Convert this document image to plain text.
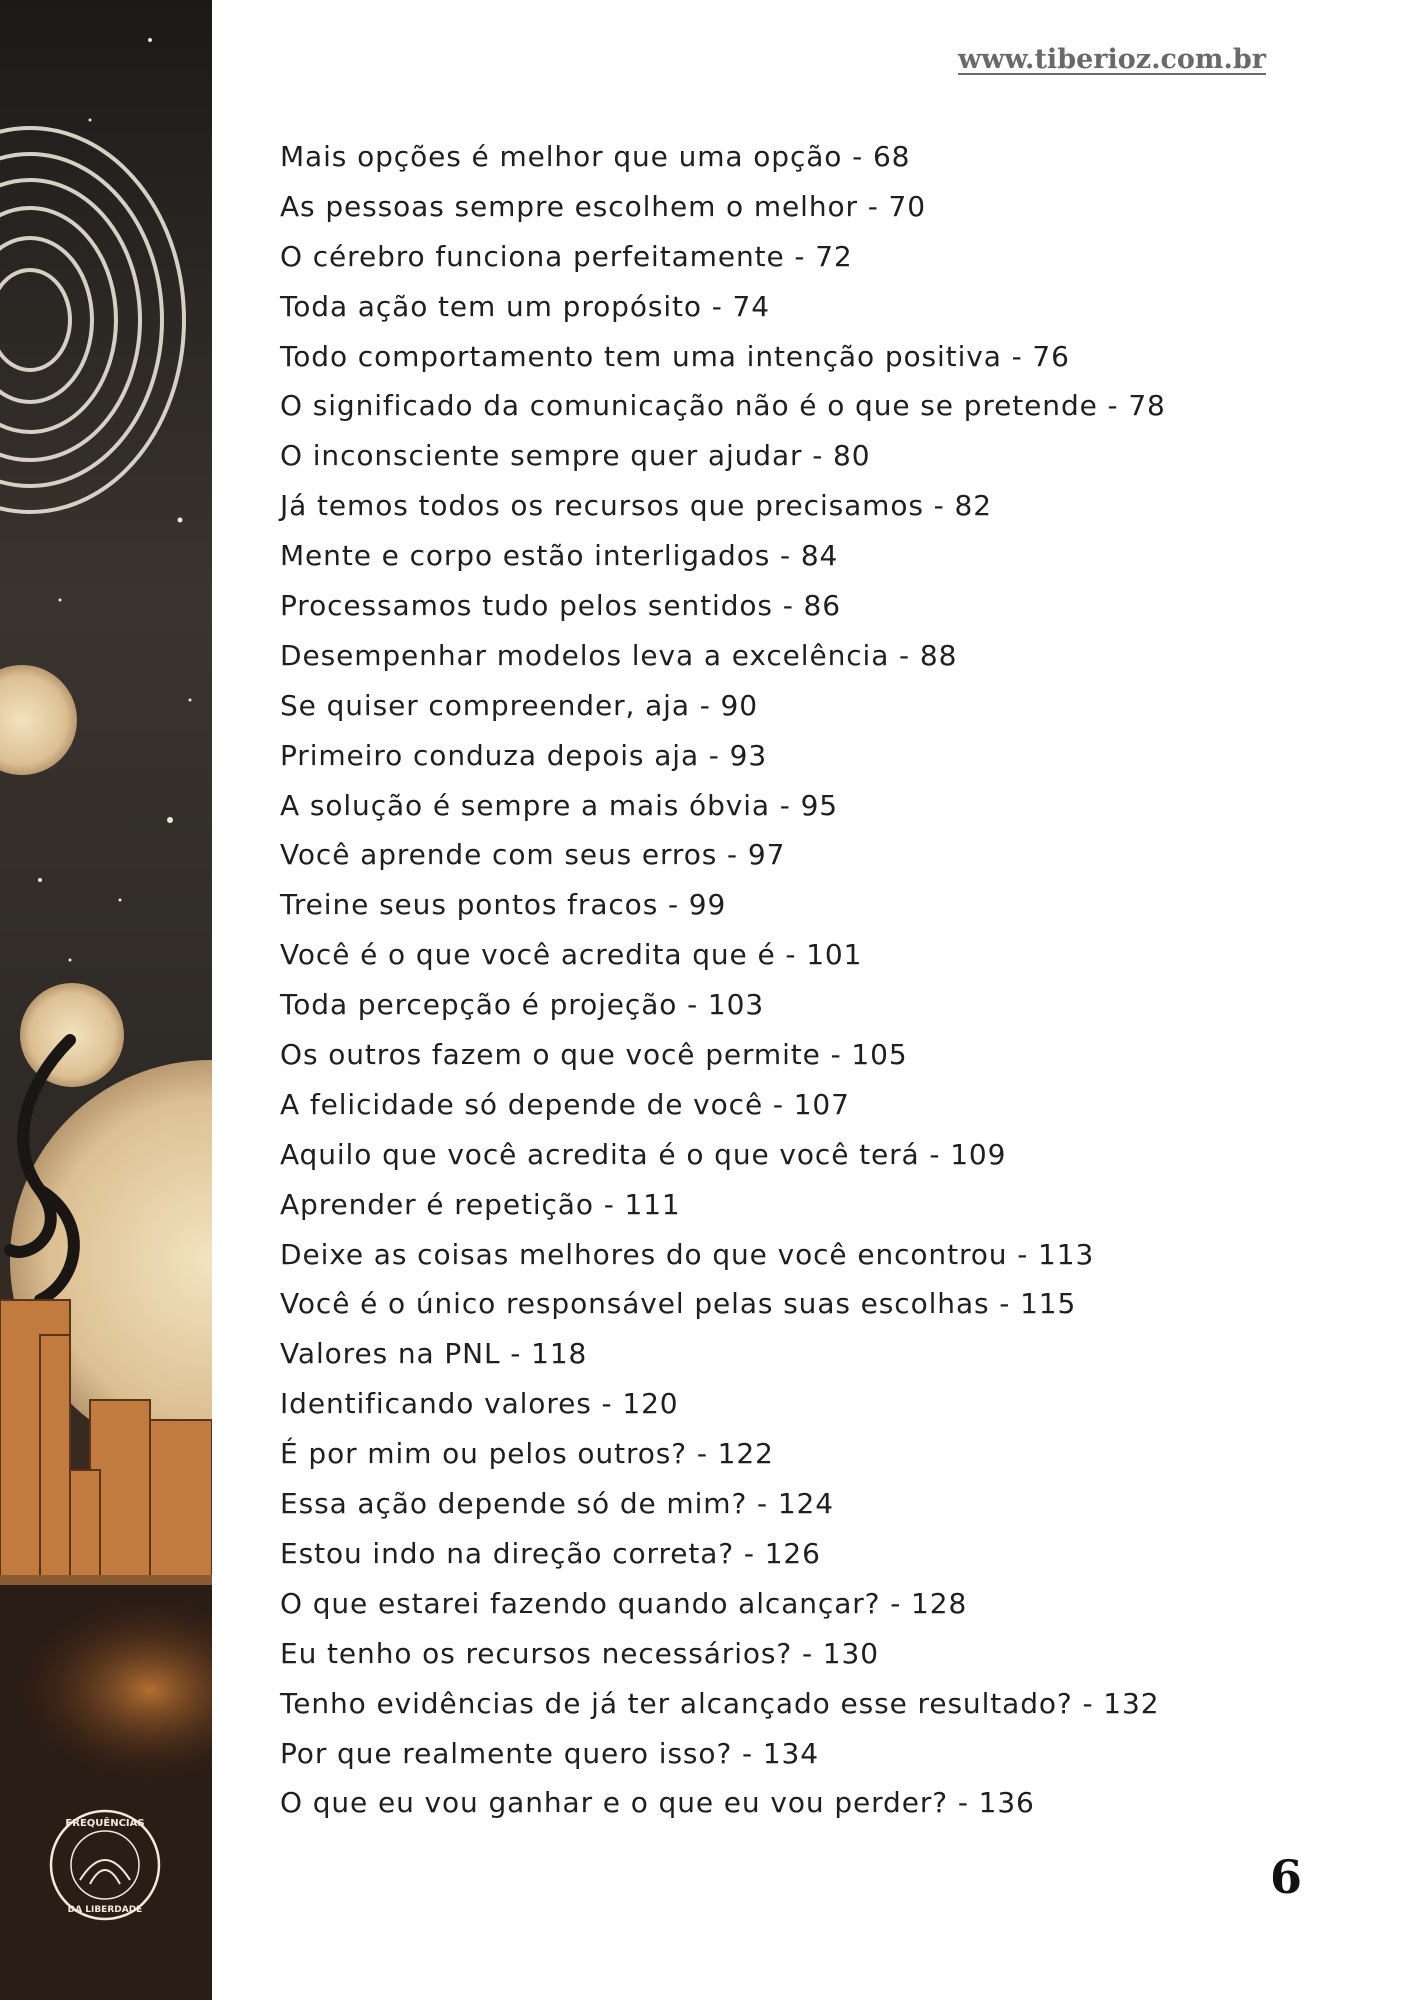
FREQUÊNCIAS
DA LIBERDADE
www.tiberioz.com.br
Mais opções é melhor que uma opção - 68
As pessoas sempre escolhem o melhor - 70
O cérebro funciona perfeitamente - 72
Toda ação tem um propósito - 74
Todo comportamento tem uma intenção positiva - 76
O significado da comunicação não é o que se pretende - 78
O inconsciente sempre quer ajudar - 80
Já temos todos os recursos que precisamos - 82
Mente e corpo estão interligados - 84
Processamos tudo pelos sentidos - 86
Desempenhar modelos leva a excelência - 88
Se quiser compreender, aja - 90
Primeiro conduza depois aja - 93
A solução é sempre a mais óbvia - 95
Você aprende com seus erros - 97
Treine seus pontos fracos - 99
Você é o que você acredita que é - 101
Toda percepção é projeção - 103
Os outros fazem o que você permite - 105
A felicidade só depende de você - 107
Aquilo que você acredita é o que você terá - 109
Aprender é repetição - 111
Deixe as coisas melhores do que você encontrou - 113
Você é o único responsável pelas suas escolhas - 115
Valores na PNL - 118
Identificando valores - 120
É por mim ou pelos outros? - 122
Essa ação depende só de mim? - 124
Estou indo na direção correta? - 126
O que estarei fazendo quando alcançar? - 128
Eu tenho os recursos necessários? - 130
Tenho evidências de já ter alcançado esse resultado? - 132
Por que realmente quero isso? - 134
O que eu vou ganhar e o que eu vou perder? - 136
6
